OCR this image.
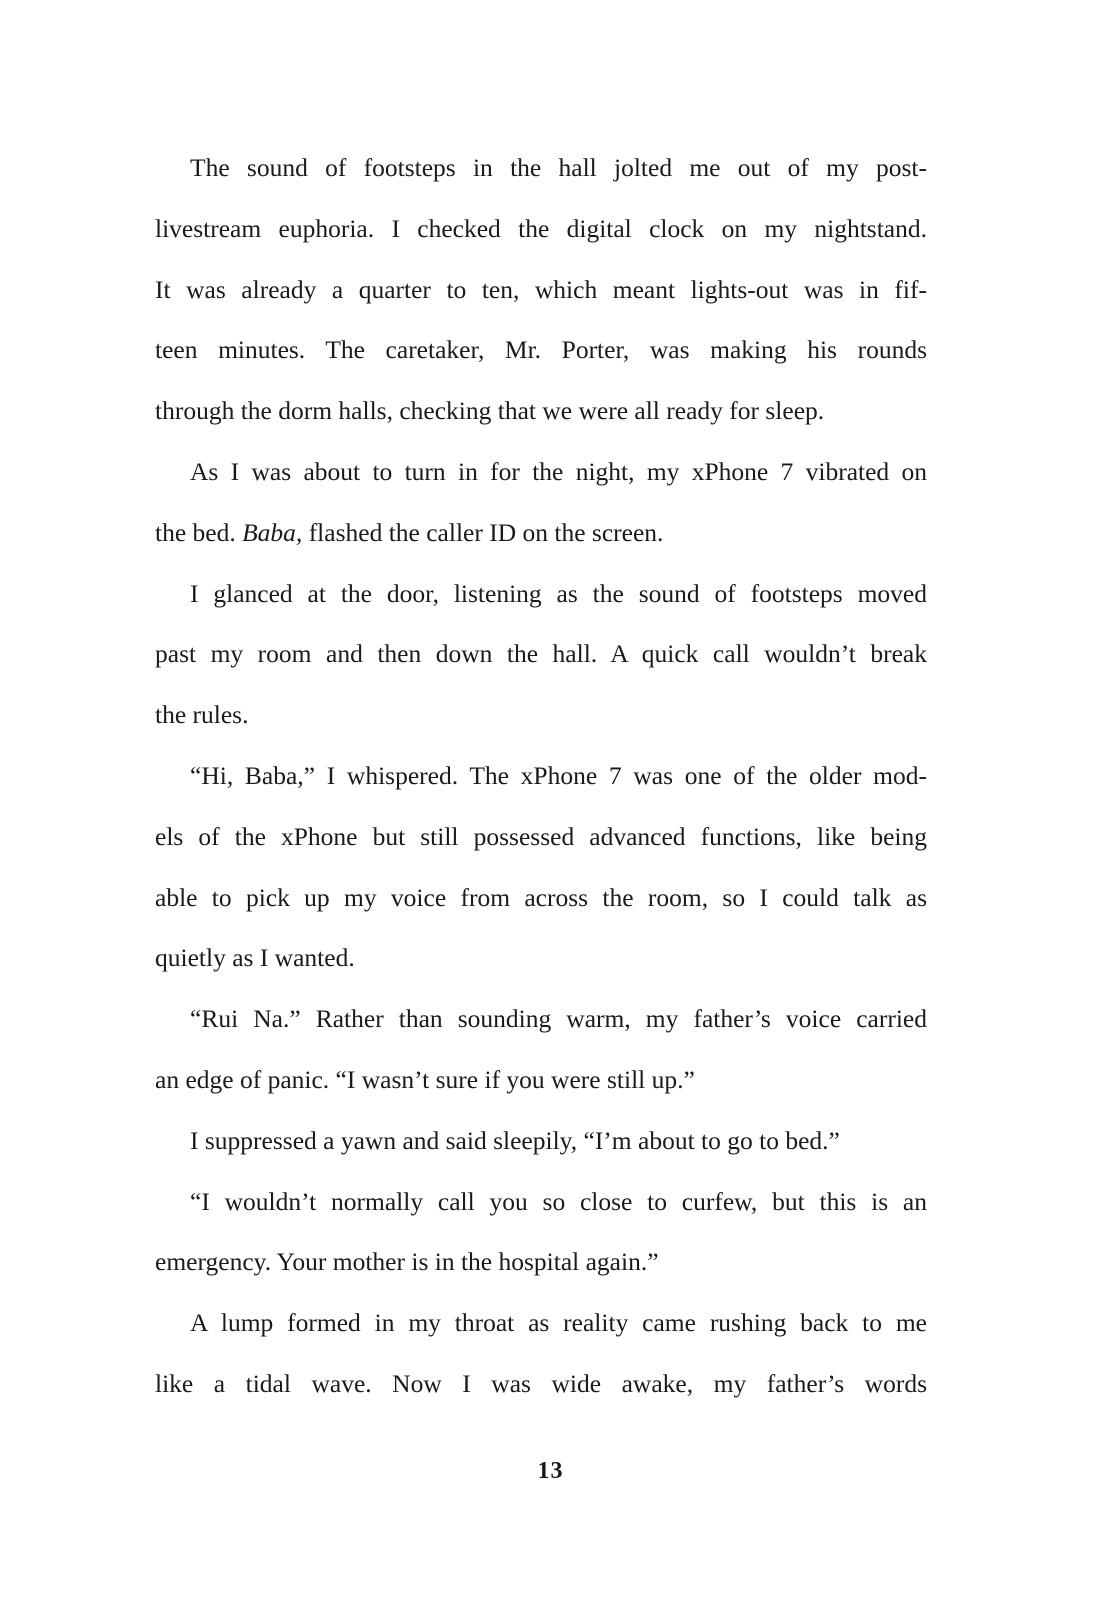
The sound of footsteps in the hall jolted me out of my post-
livestream euphoria. I checked the digital clock on my nightstand.
It was already a quarter to ten, which meant lights-out was in fif-
teen minutes. The caretaker, Mr. Porter, was making his rounds
through the dorm halls, checking that we were all ready for sleep.
As I was about to turn in for the night, my xPhone 7 vibrated on
the bed. Baba, flashed the caller ID on the screen.
I glanced at the door, listening as the sound of footsteps moved
past my room and then down the hall. A quick call wouldn’t break
the rules.
“Hi, Baba,” I whispered. The xPhone 7 was one of the older mod-
els of the xPhone but still possessed advanced functions, like being
able to pick up my voice from across the room, so I could talk as
quietly as I wanted.
“Rui Na.” Rather than sounding warm, my father’s voice carried
an edge of panic. “I wasn’t sure if you were still up.”
I suppressed a yawn and said sleepily, “I’m about to go to bed.”
“I wouldn’t normally call you so close to curfew, but this is an
emergency. Your mother is in the hospital again.”
A lump formed in my throat as reality came rushing back to me
like a tidal wave. Now I was wide awake, my father’s words
13
